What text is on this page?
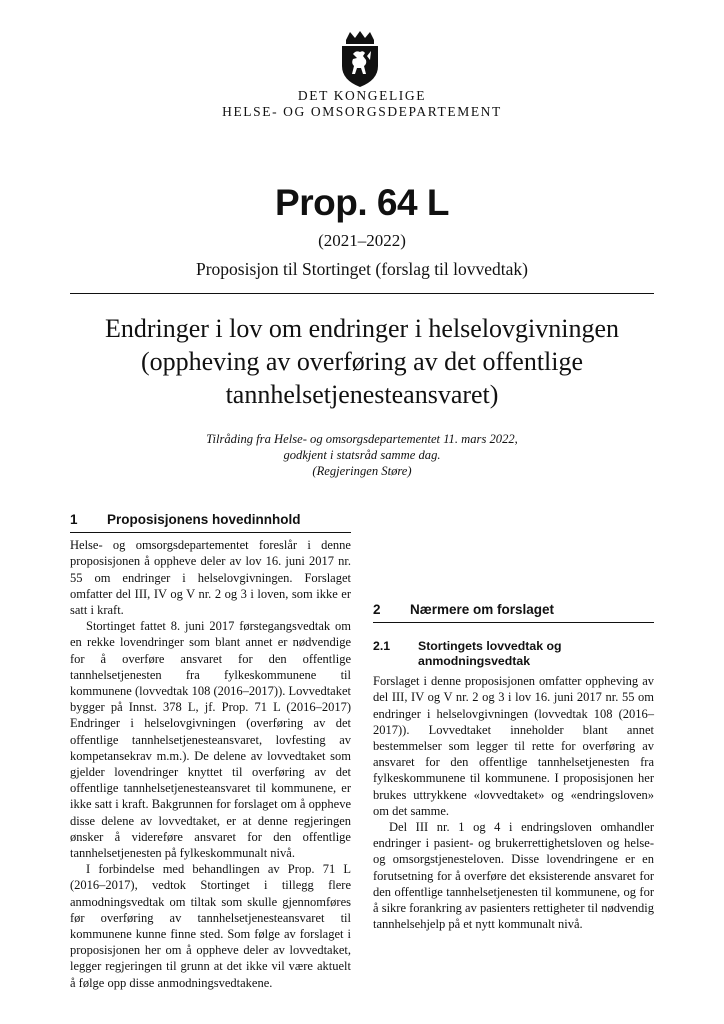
DET KONGELIGE
HELSE- OG OMSORGSDEPARTEMENT
Prop. 64 L
(2021–2022)
Proposisjon til Stortinget (forslag til lovvedtak)
Endringer i lov om endringer i helselovgivningen (oppheving av overføring av det offentlige tannhelsetjenesteansvaret)
Tilråding fra Helse- og omsorgsdepartementet 11. mars 2022,
godkjent i statsråd samme dag.
(Regjeringen Støre)
1	Proposisjonens hovedinnhold

Helse- og omsorgsdepartementet foreslår i denne proposisjonen å oppheve deler av lov 16. juni 2017 nr. 55 om endringer i helselovgivningen. Forslaget omfatter del III, IV og V nr. 2 og 3 i loven, som ikke er satt i kraft.

Stortinget fattet 8. juni 2017 førstegangsvedtak om en rekke lovendringer som blant annet er nødvendige for å overføre ansvaret for den offentlige tannhelsetjenesten fra fylkeskommunene til kommunene (lovvedtak 108 (2016–2017)). Lovvedtaket bygger på Innst. 378 L, jf. Prop. 71 L (2016–2017) Endringer i helselovgivningen (overføring av det offentlige tannhelsetjenesteansvaret, lovfesting av kompetansekrav m.m.). De delene av lovvedtaket som gjelder lovendringer knyttet til overføring av det offentlige tannhelsetjenesteansvaret til kommunene, er ikke satt i kraft. Bakgrunnen for forslaget om å oppheve disse delene av lovvedtaket, er at denne regjeringen ønsker å videreføre ansvaret for den offentlige tannhelsetjenesten på fylkeskommunalt nivå.

I forbindelse med behandlingen av Prop. 71 L (2016–2017), vedtok Stortinget i tillegg flere anmodningsvedtak om tiltak som skulle gjennomføres før overføring av tannhelsetjenesteansvaret til kommunene kunne finne sted. Som følge av forslaget i proposisjonen her om å oppheve deler av lovvedtaket, legger regjeringen til grunn at det ikke vil være aktuelt å følge opp disse anmodningsvedtakene.

2	Nærmere om forslaget
2.1	Stortingets lovvedtak og anmodningsvedtak

Forslaget i denne proposisjonen omfatter oppheving av del III, IV og V nr. 2 og 3 i lov 16. juni 2017 nr. 55 om endringer i helselovgivningen (lovvedtak 108 (2016–2017)). Lovvedtaket inneholder blant annet bestemmelser som legger til rette for overføring av ansvaret for den offentlige tannhelsetjenesten fra fylkeskommunene til kommunene. I proposisjonen her brukes uttrykkene «lovvedtaket» og «endringsloven» om det samme.

Del III nr. 1 og 4 i endringsloven omhandler endringer i pasient- og brukerrettighetsloven og helse- og omsorgstjenesteloven. Disse lovendringene er en forutsetning for å overføre det eksisterende ansvaret for den offentlige tannhelsetjenesten til kommunene, og for å sikre forankring av pasienters rettigheter til nødvendig tannhelsehjelp på et nytt kommunalt nivå.
